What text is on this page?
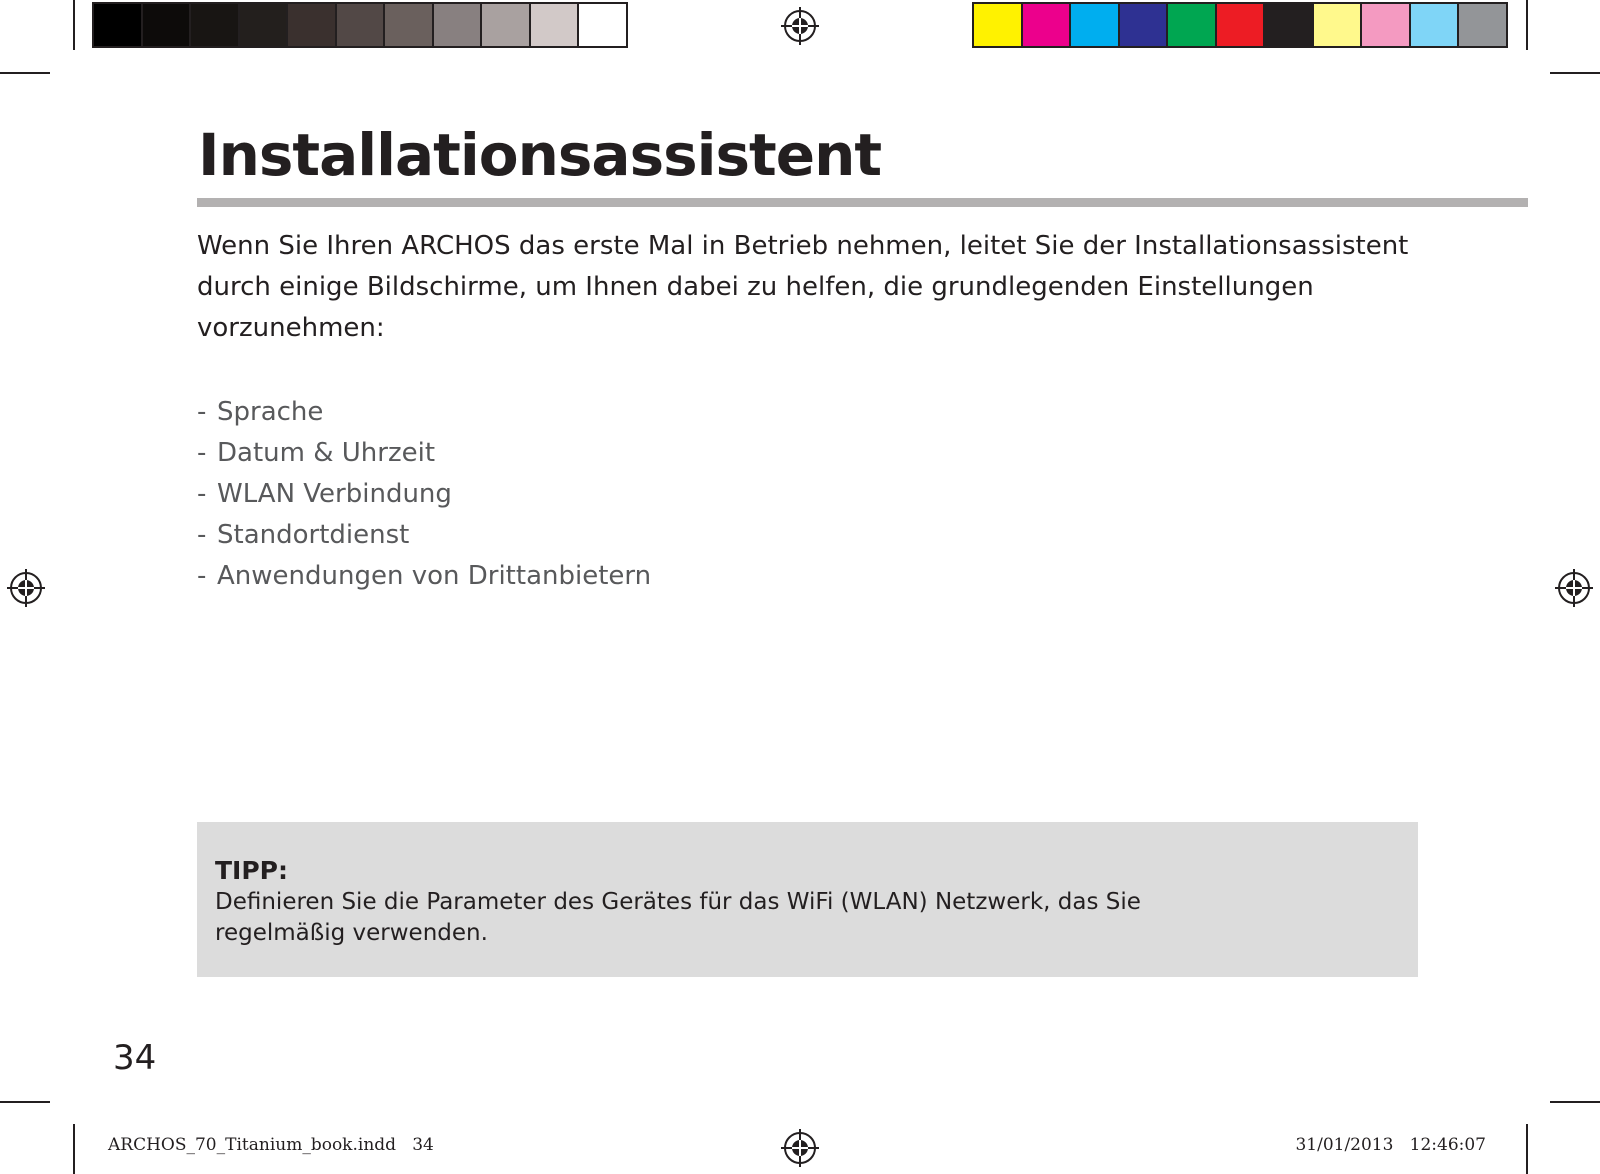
Installationsassistent

Wenn Sie Ihren ARCHOS das erste Mal in Betrieb nehmen, leitet Sie der Installationsassistent durch einige Bildschirme, um Ihnen dabei zu helfen, die grundlegenden Einstellungen vorzunehmen:

- Sprache
- Datum & Uhrzeit
- WLAN Verbindung
- Standortdienst
- Anwendungen von Drittanbietern

TIPP:

Definieren Sie die Parameter des Gerätes für das WiFi (WLAN) Netzwerk, das Sie regelmäßig verwenden.

34
ARCHOS_70_Titanium_book.indd   34	31/01/2013   12:46:07
